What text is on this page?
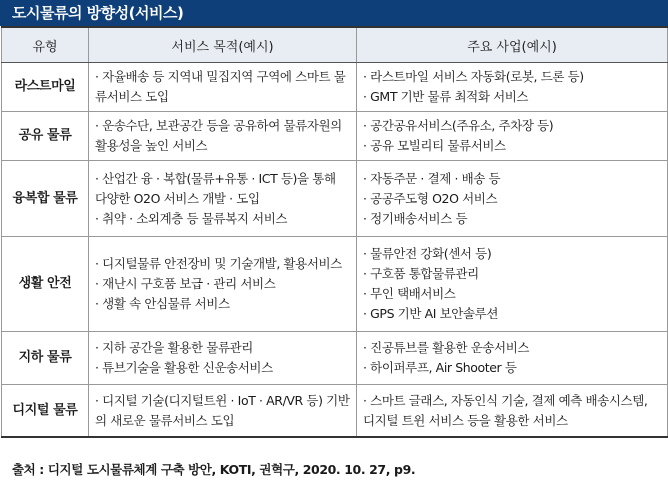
도시물류의 방향성(서비스)
유형	서비스 목적(예시)	주요 사업(예시)
라스트마일	· 자율배송 등 지역내 밀집지역 구역에 스마트 물류서비스 도입	· 라스트마일 서비스 자동화(로봇, 드론 등)
· GMT 기반 물류 최적화 서비스

공유 물류	· 운송수단, 보관공간 등을 공유하여 물류자원의 활용성을 높인 서비스	· 공간공유서비스(주유소, 주차장 등)
· 공유 모빌리티 물류서비스

융복합 물류	· 산업간 융 · 복합(물류+유통 · ICT 등)을 통해 다양한 O2O 서비스 개발 · 도입
· 취약 · 소외계층 등 물류복지 서비스	· 자동주문 · 결제 · 배송 등
· 공공주도형 O2O 서비스
· 정기배송서비스 등

생활 안전	· 디지털물류 안전장비 및 기술개발, 활용서비스
· 재난시 구호품 보급 · 관리 서비스
· 생활 속 안심물류 서비스	· 물류안전 강화(센서 등)
· 구호품 통합물류관리
· 무인 택배서비스
· GPS 기반 AI 보안솔루션

지하 물류	· 지하 공간을 활용한 물류관리
· 튜브기술을 활용한 신운송서비스	· 진공튜브를 활용한 운송서비스
· 하이퍼루프, Air Shooter 등

디지털 물류	· 디지털 기술(디지털트윈 · IoT · AR/VR 등) 기반의 새로운 물류서비스 도입	· 스마트 글래스, 자동인식 기술, 결제 예측 배송시스템, 디지털 트윈 서비스 등을 활용한 서비스
출처 : 디지털 도시물류체계 구축 방안, KOTI, 권혁구, 2020. 10. 27, p9.
